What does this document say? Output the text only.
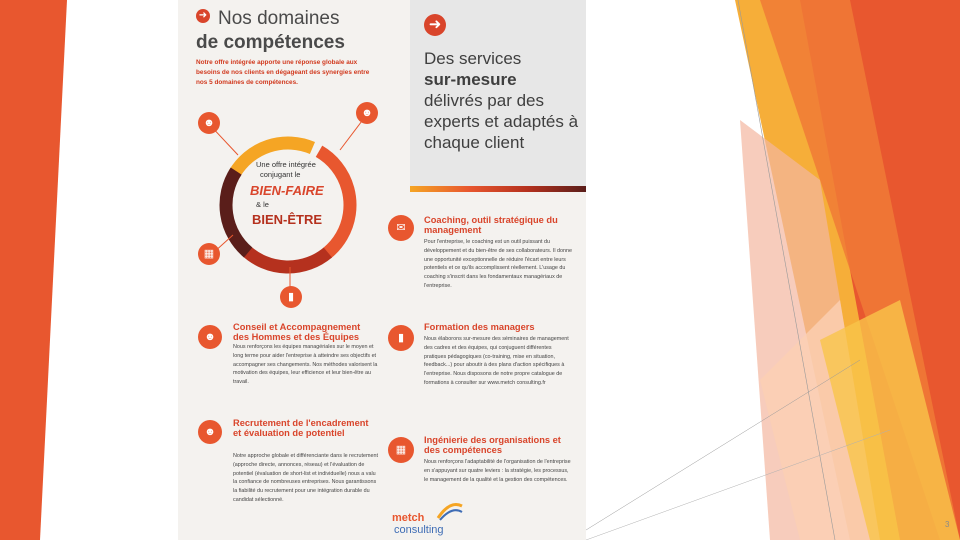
➜ Nos domaines
de compétences
Notre offre intégrée apporte une réponse globale aux besoins de nos clients en dégageant des synergies entre nos 5 domaines de compétences.
☻
☻
▦
▮
Une offre intégrée
conjugant le
BIEN-FAIRE
& le
BIEN-ÊTRE
☻
Conseil et Accompagnement des Hommes et des Équipes
Nous renforçons les équipes managériales sur le moyen et long terme pour aider l'entreprise à atteindre ses objectifs et accompagner ses changements. Nos méthodes valorisent la motivation des équipes, leur efficience et leur bien-être au travail.
☻
Recrutement de l'encadrement et évaluation de potentiel
Notre approche globale et différenciante dans le recrutement (approche directe, annonces, réseau) et l'évaluation de potentiel (évaluation de short-list et individuelle) nous a valu la confiance de nombreuses entreprises. Nous garantissons la fiabilité du recrutement pour une intégration durable du candidat sélectionné.
➜
Des services
sur-mesure
délivrés par des experts et adaptés à chaque client
✉
Coaching, outil stratégique du management
Pour l'entreprise, le coaching est un outil puissant du développement et du bien-être de ses collaborateurs. Il donne une opportunité exceptionnelle de réduire l'écart entre leurs potentiels et ce qu'ils accomplissent réellement. L'usage du coaching s'inscrit dans les fondamentaux managériaux de l'entreprise.
▮
Formation des managers
Nous élaborons sur-mesure des séminaires de management des cadres et des équipes, qui conjuguent différentes pratiques pédagogiques (co-training, mise en situation, feedback...) pour aboutir à des plans d'action spécifiques à l'entreprise. Nous disposons de notre propre catalogue de formations à consulter sur www.metch consulting.fr
▦
Ingénierie des organisations et des compétences
Nous renforçons l'adaptabilité de l'organisation de l'entreprise en s'appuyant sur quatre leviers : la stratégie, les processus, le management de la qualité et la gestion des compétences.
metch
consulting	3
